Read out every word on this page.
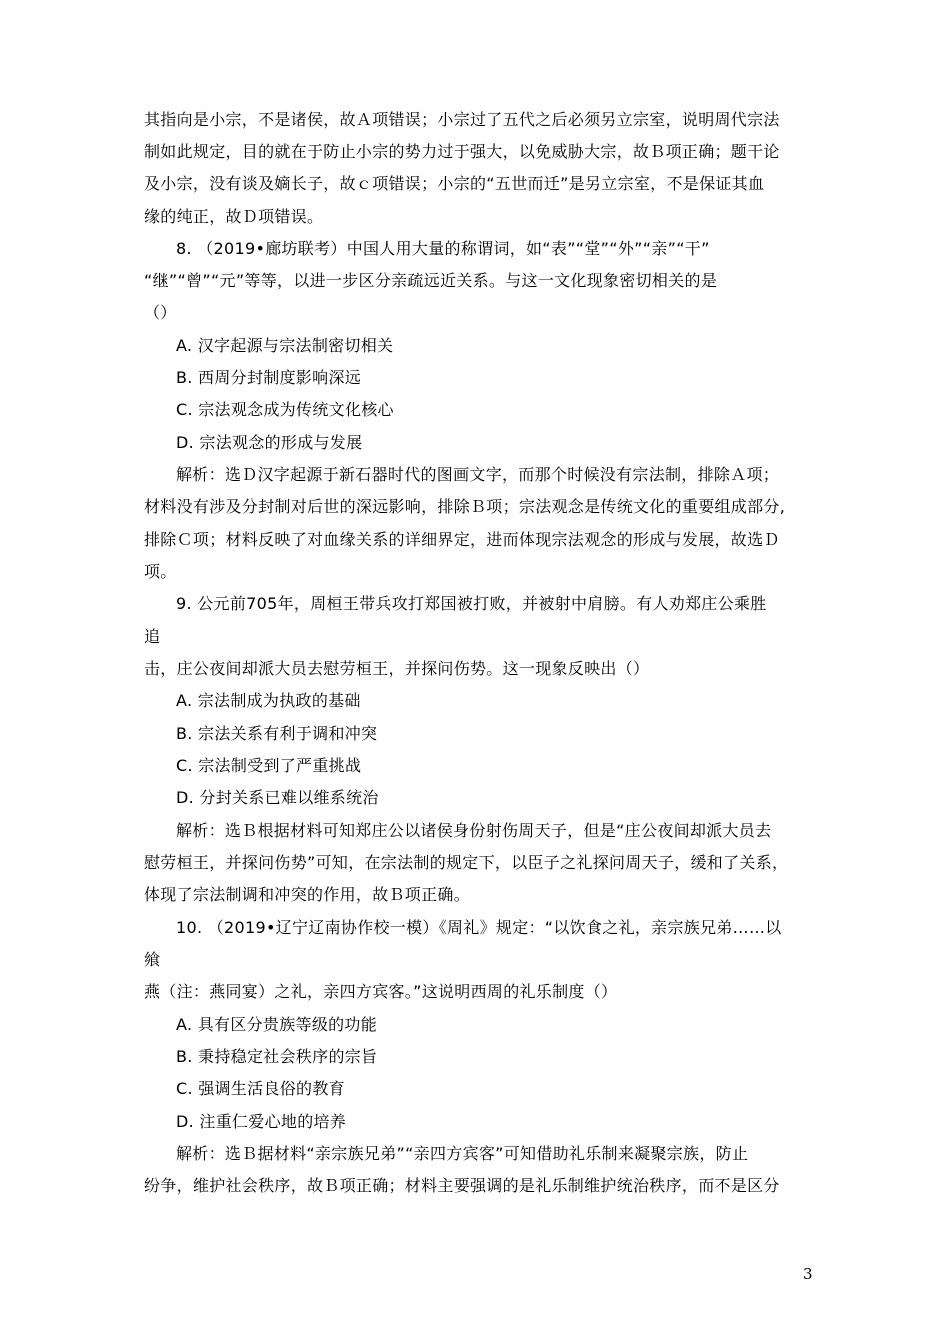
其指向是小宗，不是诸侯，故Ａ项错误；小宗过了五代之后必须另立宗室，说明周代宗法
制如此规定，目的就在于防止小宗的势力过于强大，以免威胁大宗，故Ｂ项正确；题干论
及小宗，没有谈及嫡长子，故ｃ项错误；小宗的“五世而迁”是另立宗室，不是保证其血
缘的纯正，故Ｄ项错误。
8. （2019•廊坊联考）中国人用大量的称谓词，如“表”“堂”“外”“亲”“干”
“继”“曾”“元”等等，以进一步区分亲疏远近关系。与这一文化现象密切相关的是
（）
A. 汉字起源与宗法制密切相关
B. 西周分封制度影响深远
C. 宗法观念成为传统文化核心
D. 宗法观念的形成与发展
解析：选Ｄ汉字起源于新石器时代的图画文字，而那个时候没有宗法制，排除Ａ项；
材料没有涉及分封制对后世的深远影响，排除Ｂ项；宗法观念是传统文化的重要组成部分,
排除Ｃ项；材料反映了对血缘关系的详细界定，进而体现宗法观念的形成与发展，故选Ｄ
项。
9. 公元前705年，周桓王带兵攻打郑国被打败，并被射中肩膀。有人劝郑庄公乘胜
追
击，庄公夜间却派大员去慰劳桓王，并探问伤势。这一现象反映出（）
A. 宗法制成为执政的基础
B. 宗法关系有利于调和冲突
C. 宗法制受到了严重挑战
D. 分封关系已难以维系统治
解析：选Ｂ根据材料可知郑庄公以诸侯身份射伤周天子，但是“庄公夜间却派大员去
慰劳桓王，并探问伤势”可知，在宗法制的规定下，以臣子之礼探问周天子，缓和了关系，
体现了宗法制调和冲突的作用，故Ｂ项正确。
10. （2019•辽宁辽南协作校一模）《周礼》规定：“以饮食之礼，亲宗族兄弟……以
飨
燕（注：燕同宴）之礼，亲四方宾客。”这说明西周的礼乐制度（）
A. 具有区分贵族等级的功能
B. 秉持稳定社会秩序的宗旨
C. 强调生活良俗的教育
D. 注重仁爱心地的培养
解析：选Ｂ据材料“亲宗族兄弟”“亲四方宾客”可知借助礼乐制来凝聚宗族，防止
纷争，维护社会秩序，故Ｂ项正确；材料主要强调的是礼乐制维护统治秩序，而不是区分
3
